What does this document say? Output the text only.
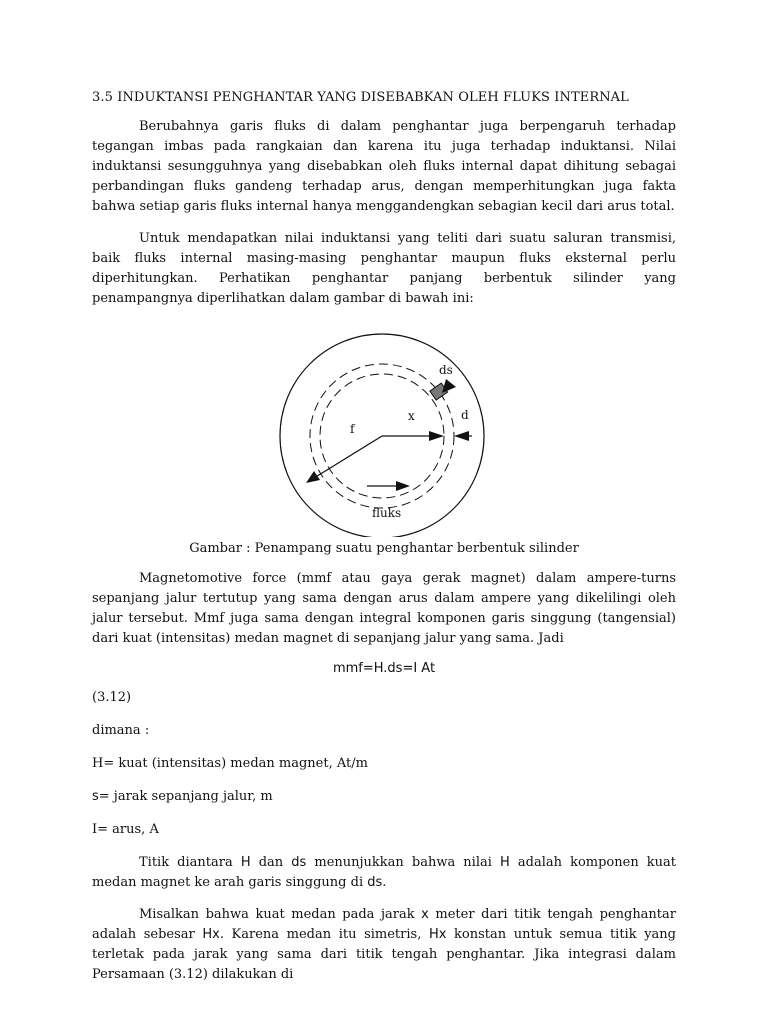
3.5 INDUKTANSI PENGHANTAR YANG DISEBABKAN OLEH FLUKS INTERNAL

Berubahnya garis fluks di dalam penghantar juga berpengaruh terhadap tegangan imbas pada rangkaian dan karena itu juga terhadap induktansi. Nilai induktansi sesungguhnya yang disebabkan oleh fluks internal dapat dihitung sebagai perbandingan fluks gandeng terhadap arus, dengan memperhitungkan juga fakta bahwa setiap garis fluks internal hanya menggandengkan sebagian kecil dari arus total.

Untuk mendapatkan nilai induktansi yang teliti dari suatu saluran transmisi, baik fluks internal masing-masing penghantar maupun fluks eksternal perlu diperhitungkan. Perhatikan penghantar panjang berbentuk silinder yang penampangnya diperlihatkan dalam gambar di bawah ini:

ds
x	d
f
fluks
Gambar : Penampang suatu penghantar berbentuk silinder

Magnetomotive force (mmf atau gaya gerak magnet) dalam ampere-turns sepanjang jalur tertutup yang sama dengan arus dalam ampere yang dikelilingi oleh jalur tersebut. Mmf juga sama dengan integral komponen garis singgung (tangensial) dari kuat (intensitas) medan magnet di sepanjang jalur yang sama. Jadi

mmf=H.ds=I At
(3.12)
dimana :
H= kuat (intensitas) medan magnet, At/m
s= jarak sepanjang jalur, m
I= arus, A

Titik diantara H dan ds menunjukkan bahwa nilai H adalah komponen kuat medan magnet ke arah garis singgung di ds.

Misalkan bahwa kuat medan pada jarak x meter dari titik tengah penghantar adalah sebesar Hx. Karena medan itu simetris, Hx konstan untuk semua titik yang terletak pada jarak yang sama dari titik tengah penghantar. Jika integrasi dalam Persamaan (3.12) dilakukan di
